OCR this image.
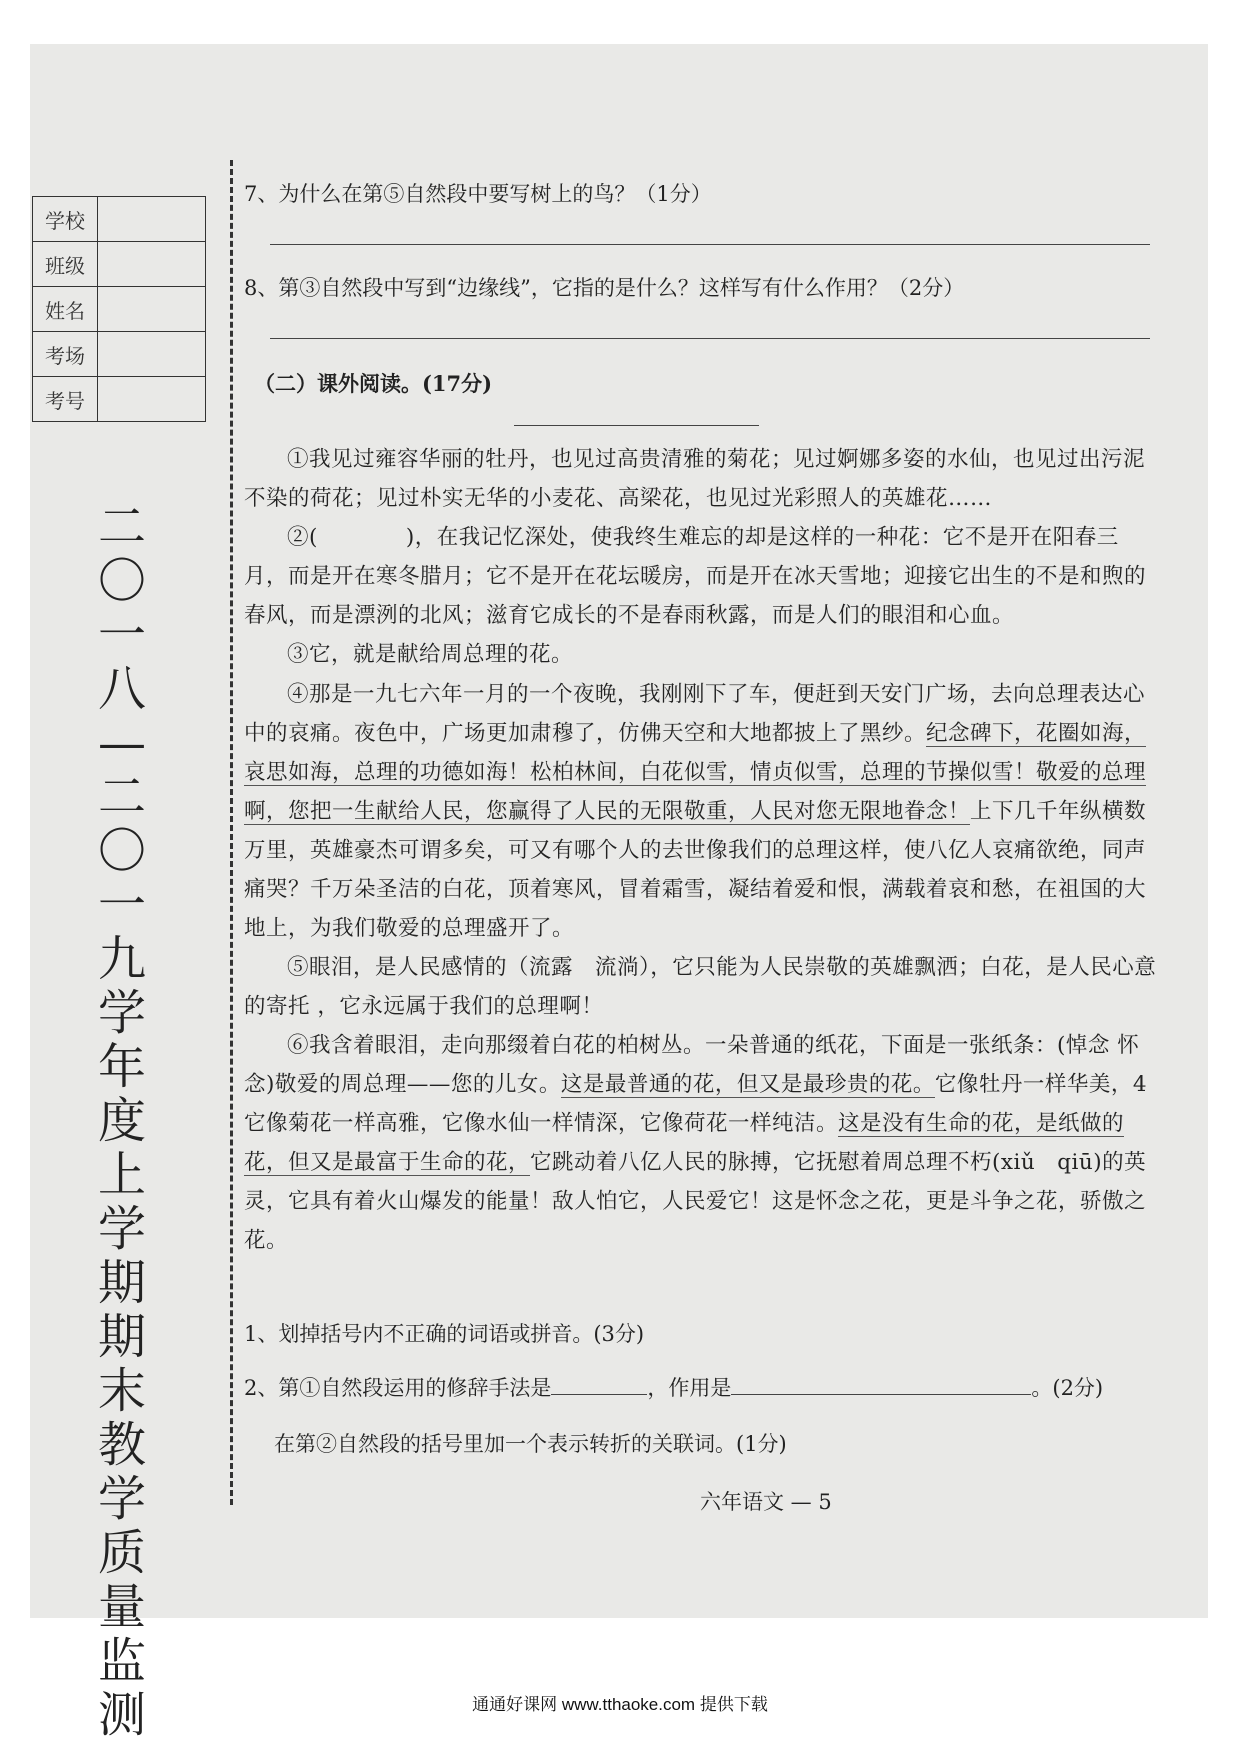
学校	
班级	
姓名	
考场	
考号	
二〇一八—二〇一九学年度上学期期末教学质量监测
7、为什么在第⑤自然段中要写树上的鸟？（1分）
8、第③自然段中写到“边缘线”，它指的是什么？这样写有什么作用？（2分）
（二）课外阅读。(17分)
①我见过雍容华丽的牡丹，也见过高贵清雅的菊花；见过婀娜多姿的水仙，也见过出污泥不染的荷花；见过朴实无华的小麦花、高梁花，也见过光彩照人的英雄花……
②(　　　　)，在我记忆深处，使我终生难忘的却是这样的一种花：它不是开在阳春三月，而是开在寒冬腊月；它不是开在花坛暖房，而是开在冰天雪地；迎接它出生的不是和煦的春风，而是漂洌的北风；滋育它成长的不是春雨秋露，而是人们的眼泪和心血。
③它，就是献给周总理的花。
④那是一九七六年一月的一个夜晚，我刚刚下了车，便赶到天安门广场，去向总理表达心中的哀痛。夜色中，广场更加肃穆了，仿佛天空和大地都披上了黑纱。纪念碑下，花圈如海，哀思如海，总理的功德如海！松柏林间，白花似雪，情贞似雪，总理的节操似雪！敬爱的总理啊，您把一生献给人民，您赢得了人民的无限敬重，人民对您无限地眷念！上下几千年纵横数万里，英雄豪杰可谓多矣，可又有哪个人的去世像我们的总理这样，使八亿人哀痛欲绝，同声痛哭？千万朵圣洁的白花，顶着寒风，冒着霜雪，凝结着爱和恨，满载着哀和愁，在祖国的大地上，为我们敬爱的总理盛开了。
⑤眼泪，是人民感情的（流露　流淌），它只能为人民崇敬的英雄飘洒；白花，是人民心意的寄托 ，它永远属于我们的总理啊！
⑥我含着眼泪，走向那缀着白花的柏树丛。一朵普通的纸花，下面是一张纸条：(悼念 怀念)敬爱的周总理——您的儿女。这是最普通的花，但又是最珍贵的花。它像牡丹一样华美，4它像菊花一样高雅，它像水仙一样情深，它像荷花一样纯洁。这是没有生命的花，是纸做的花，但又是最富于生命的花，它跳动着八亿人民的脉搏，它抚慰着周总理不朽(xiǔ　qiū)的英灵，它具有着火山爆发的能量！敌人怕它，人民爱它！这是怀念之花，更是斗争之花，骄傲之花。
1、划掉括号内不正确的词语或拼音。(3分)
2、第①自然段运用的修辞手法是	，作用是	。(2分)
在第②自然段的括号里加一个表示转折的关联词。(1分)
六年语文 — 5
通通好课网 www.tthaoke.com 提供下载
